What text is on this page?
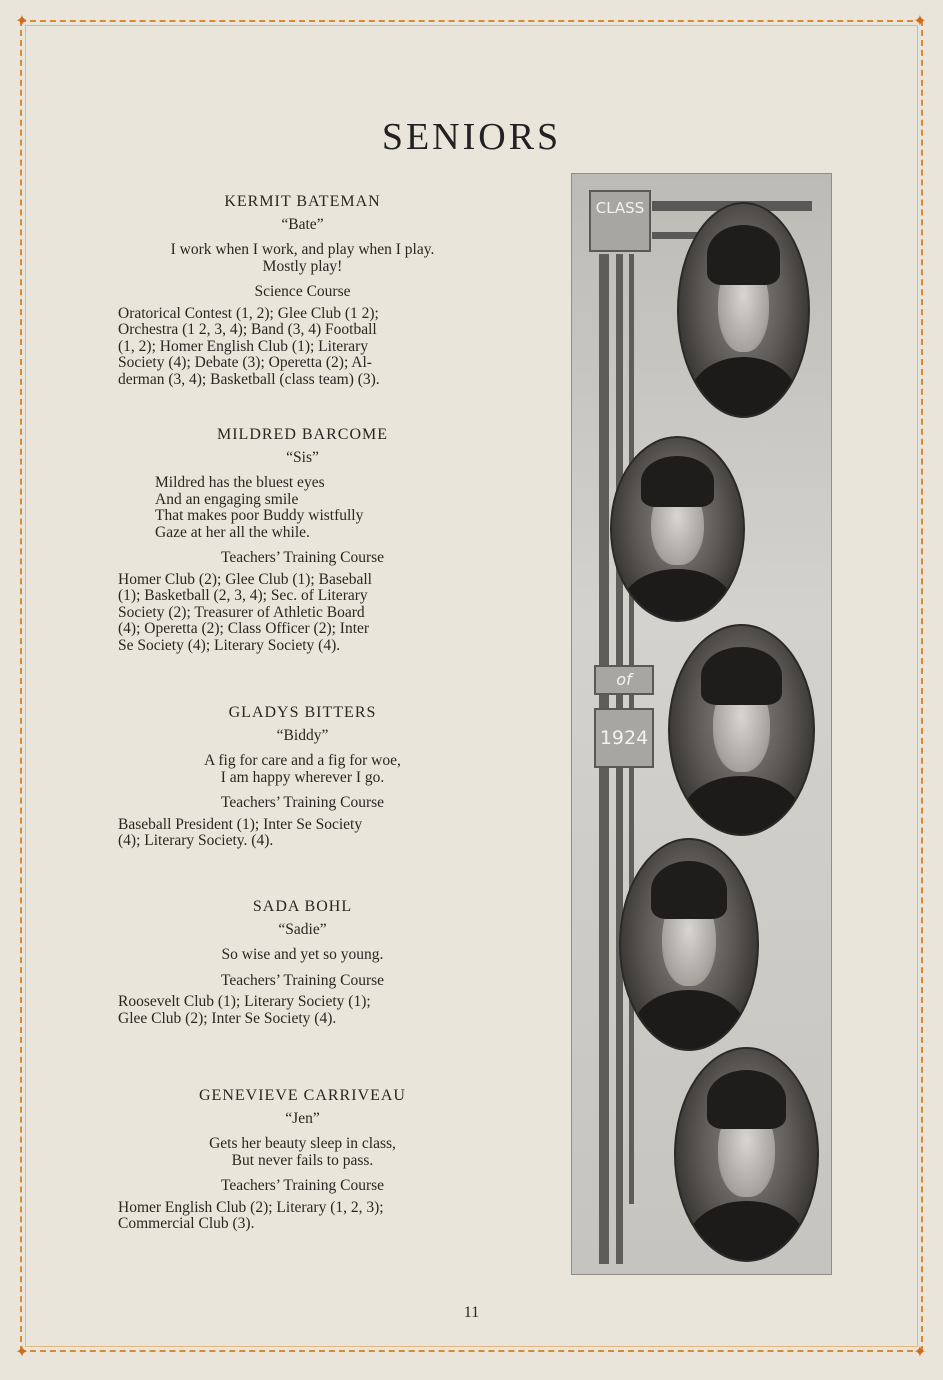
✦	✦
✦	✦
SENIORS
KERMIT BATEMAN
“Bate”
I work when I work, and play when I play.
Mostly play!
Science Course
Oratorical Contest (1, 2); Glee Club (1 2);
Orchestra (1 2, 3, 4); Band (3, 4) Football
(1, 2); Homer English Club (1); Literary
Society (4); Debate (3); Operetta (2); Al-
derman (3, 4); Basketball (class team) (3).
MILDRED BARCOME
“Sis”
Mildred has the bluest eyes
And an engaging smile
That makes poor Buddy wistfully
Gaze at her all the while.
Teachers’ Training Course
Homer Club (2); Glee Club (1); Baseball
(1); Basketball (2, 3, 4); Sec. of Literary
Society (2); Treasurer of Athletic Board
(4); Operetta (2); Class Officer (2); Inter
Se Society (4); Literary Society (4).
GLADYS BITTERS
“Biddy”
A fig for care and a fig for woe,
I am happy wherever I go.
Teachers’ Training Course
Baseball President (1); Inter Se Society
(4); Literary Society. (4).
SADA BOHL
“Sadie”
So wise and yet so young.
Teachers’ Training Course
Roosevelt Club (1); Literary Society (1);
Glee Club (2); Inter Se Society (4).
GENEVIEVE CARRIVEAU
“Jen”
Gets her beauty sleep in class,
But never fails to pass.
Teachers’ Training Course
Homer English Club (2); Literary (1, 2, 3);
Commercial Club (3).
CLASS
of
1924
11
